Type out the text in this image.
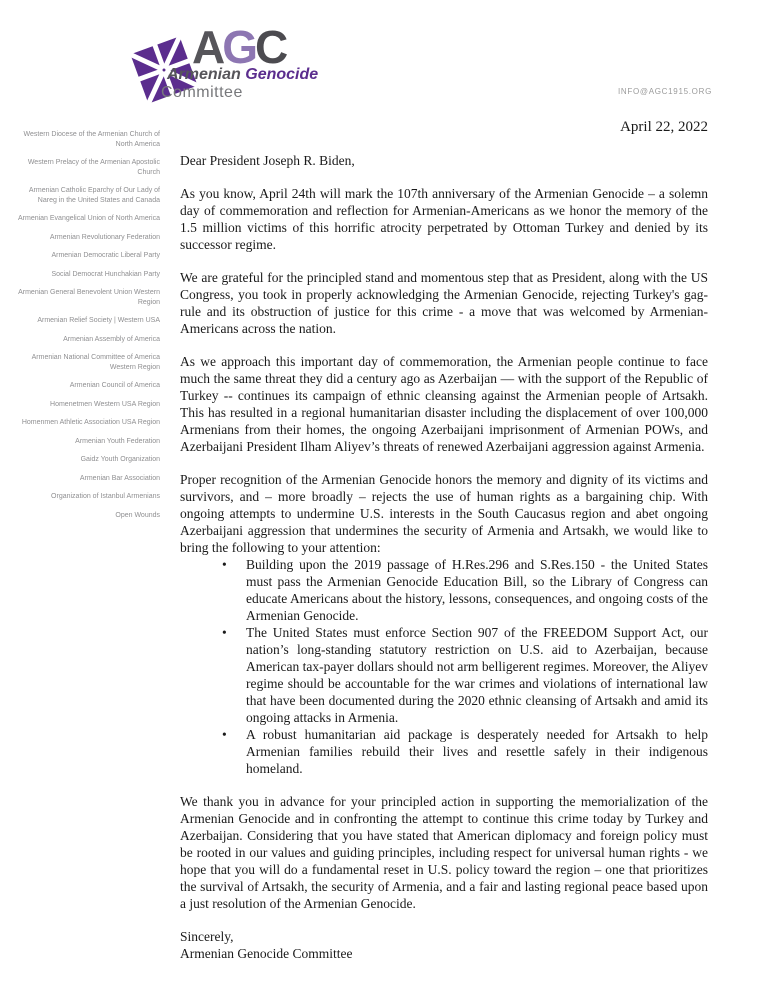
AGC
Armenian Genocide
Committee	INFO@AGC1915.ORG
Western Diocese of the Armenian Church of North America
Western Prelacy of the Armenian Apostolic Church
Armenian Catholic Eparchy of Our Lady of Nareg in the United States and Canada
Armenian Evangelical Union of North America
Armenian Revolutionary Federation
Armenian Democratic Liberal Party
Social Democrat Hunchakian Party
Armenian General Benevolent Union Western Region
Armenian Relief Society | Western USA
Armenian Assembly of America
Armenian National Committee of America Western Region
Armenian Council of America
Homenetmen Western USA Region
Homenmen Athletic Association USA Region
Armenian Youth Federation
Gaidz Youth Organization
Armenian Bar Association
Organization of Istanbul Armenians
Open Wounds
April 22, 2022
Dear President Joseph R. Biden,

As you know, April 24th will mark the 107th anniversary of the Armenian Genocide – a solemn day of commemoration and reflection for Armenian-Americans as we honor the memory of the 1.5 million victims of this horrific atrocity perpetrated by Ottoman Turkey and denied by its successor regime.

We are grateful for the principled stand and momentous step that as President, along with the US Congress, you took in properly acknowledging the Armenian Genocide, rejecting Turkey's gag-rule and its obstruction of justice for this crime - a move that was welcomed by Armenian-Americans across the nation.

As we approach this important day of commemoration, the Armenian people continue to face much the same threat they did a century ago as Azerbaijan — with the support of the Republic of Turkey -- continues its campaign of ethnic cleansing against the Armenian people of Artsakh. This has resulted in a regional humanitarian disaster including the displacement of over 100,000 Armenians from their homes, the ongoing Azerbaijani imprisonment of Armenian POWs, and Azerbaijani President Ilham Aliyev’s threats of renewed Azerbaijani aggression against Armenia.

Proper recognition of the Armenian Genocide honors the memory and dignity of its victims and survivors, and – more broadly – rejects the use of human rights as a bargaining chip. With ongoing attempts to undermine U.S. interests in the South Caucasus region and abet ongoing Azerbaijani aggression that undermines the security of Armenia and Artsakh, we would like to bring the following to your attention:

• Building upon the 2019 passage of H.Res.296 and S.Res.150 - the United States must pass the Armenian Genocide Education Bill, so the Library of Congress can educate Americans about the history, lessons, consequences, and ongoing costs of the Armenian Genocide.
• The United States must enforce Section 907 of the FREEDOM Support Act, our nation’s long-standing statutory restriction on U.S. aid to Azerbaijan, because American tax-payer dollars should not arm belligerent regimes. Moreover, the Aliyev regime should be accountable for the war crimes and violations of international law that have been documented during the 2020 ethnic cleansing of Artsakh and amid its ongoing attacks in Armenia.
• A robust humanitarian aid package is desperately needed for Artsakh to help Armenian families rebuild their lives and resettle safely in their indigenous homeland.

We thank you in advance for your principled action in supporting the memorialization of the Armenian Genocide and in confronting the attempt to continue this crime today by Turkey and Azerbaijan. Considering that you have stated that American diplomacy and foreign policy must be rooted in our values and guiding principles, including respect for universal human rights - we hope that you will do a fundamental reset in U.S. policy toward the region – one that prioritizes the survival of Artsakh, the security of Armenia, and a fair and lasting regional peace based upon a just resolution of the Armenian Genocide.

Sincerely,
Armenian Genocide Committee
